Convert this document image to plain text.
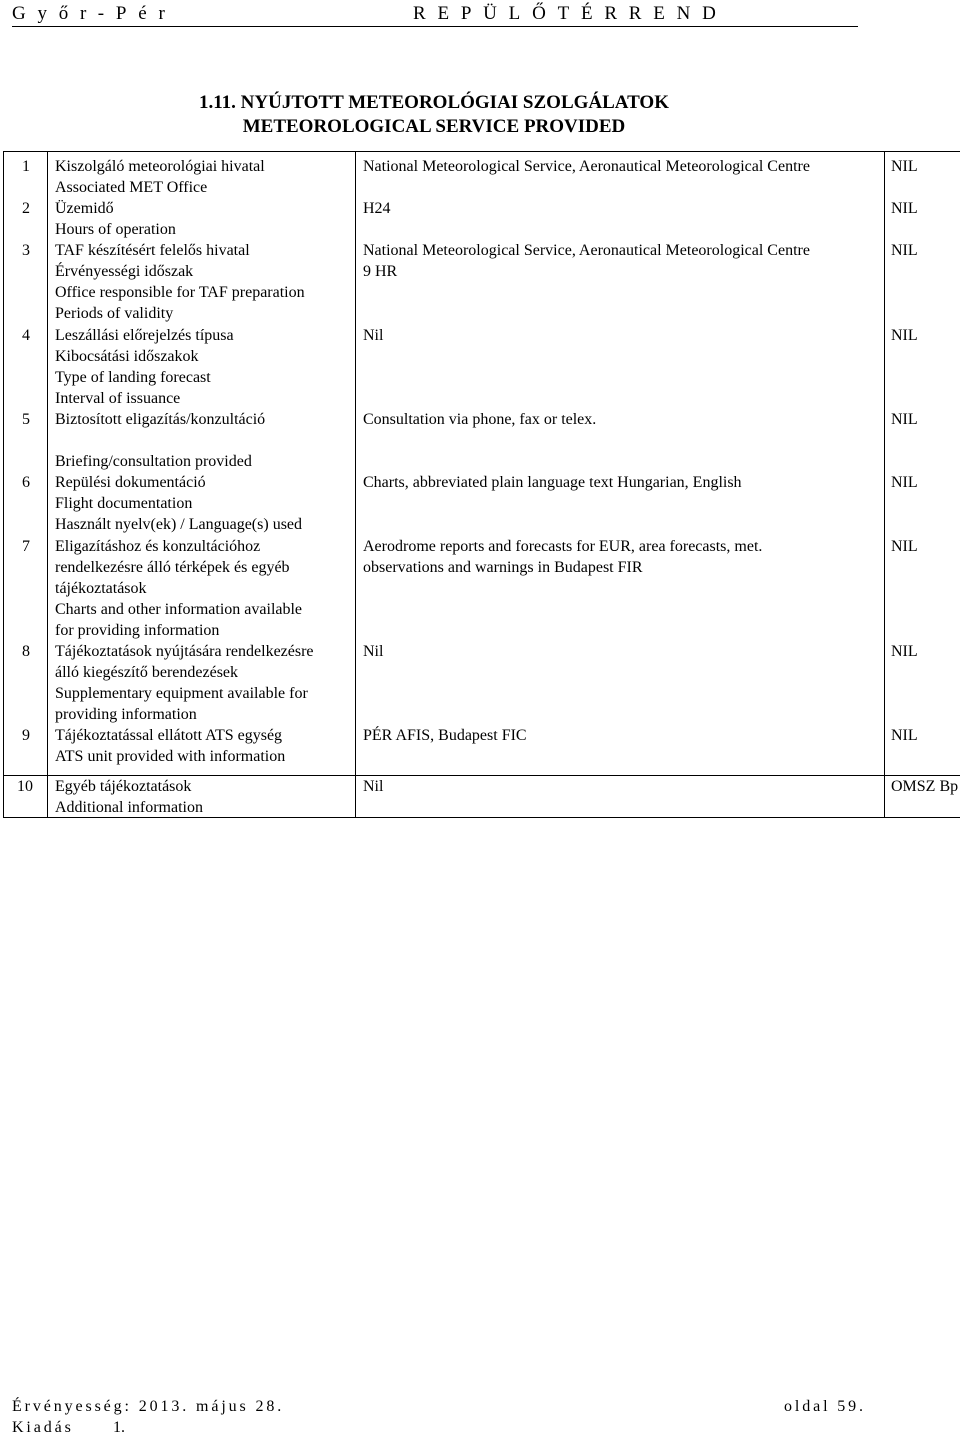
Győr-Pér	REPÜLŐTÉRREND
1.11. NYÚJTOTT METEOROLÓGIAI SZOLGÁLATOK
METEOROLOGICAL SERVICE PROVIDED
1 Kiszolgáló meteorológiai hivatal
Associated MET Office
National Meteorological Service, Aeronautical Meteorological Centre	NIL
2 Üzemidő
Hours of operation
H24	NIL
3 TAF készítésért felelős hivatal
Érvényességi időszak
Office responsible for TAF preparation
Periods of validity
National Meteorological Service, Aeronautical Meteorological Centre
9 HR
NIL
4 Leszállási előrejelzés típusa
Kibocsátási időszakok
Type of landing forecast
Interval of issuance
Nil	NIL
5 Biztosított eligazítás/konzultáció
Briefing/consultation provided
Consultation via phone, fax or telex.	NIL
6 Repülési dokumentáció
Flight documentation
Használt nyelv(ek) / Language(s) used
Charts, abbreviated plain language text Hungarian, English	NIL
7 Eligazításhoz és konzultációhoz
rendelkezésre álló térképek és egyéb
tájékoztatások
Charts and other information available
for providing information
Aerodrome reports and forecasts for EUR, area forecasts, met.
observations and warnings in Budapest FIR
NIL
8 Tájékoztatások nyújtására rendelkezésre
álló kiegészítő berendezések
Supplementary equipment available for
providing information
Nil	NIL
9 Tájékoztatással ellátott ATS egység
ATS unit provided with information
PÉR AFIS, Budapest FIC	NIL
10 Egyéb tájékoztatások
Additional information
Nil	OMSZ Bp
Érvényesség: 2013. május 28.	oldal 59.
Kiadás 1.
